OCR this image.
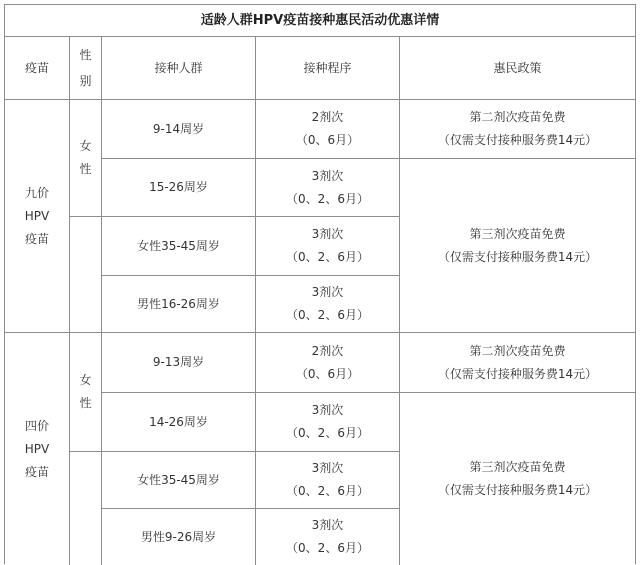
适龄人群HPV疫苗接种惠民活动优惠详情
疫苗
性
别
接种人群	接种程序	惠民政策
九价
HPV
疫苗
女
性
9-14周岁
2剂次
（0、6月）
15-26周岁
3剂次
（0、2、6月）
女性35-45周岁
3剂次
（0、2、6月）
男性16-26周岁
3剂次
（0、2、6月）
第二剂次疫苗免费
（仅需支付接种服务费14元）
第三剂次疫苗免费
（仅需支付接种服务费14元）
四价
HPV
疫苗
女
性
9-13周岁
2剂次
（0、6月）
14-26周岁
3剂次
（0、2、6月）
女性35-45周岁
3剂次
（0、2、6月）
男性9-26周岁
3剂次
（0、2、6月）
第二剂次疫苗免费
（仅需支付接种服务费14元）
第三剂次疫苗免费
（仅需支付接种服务费14元）
